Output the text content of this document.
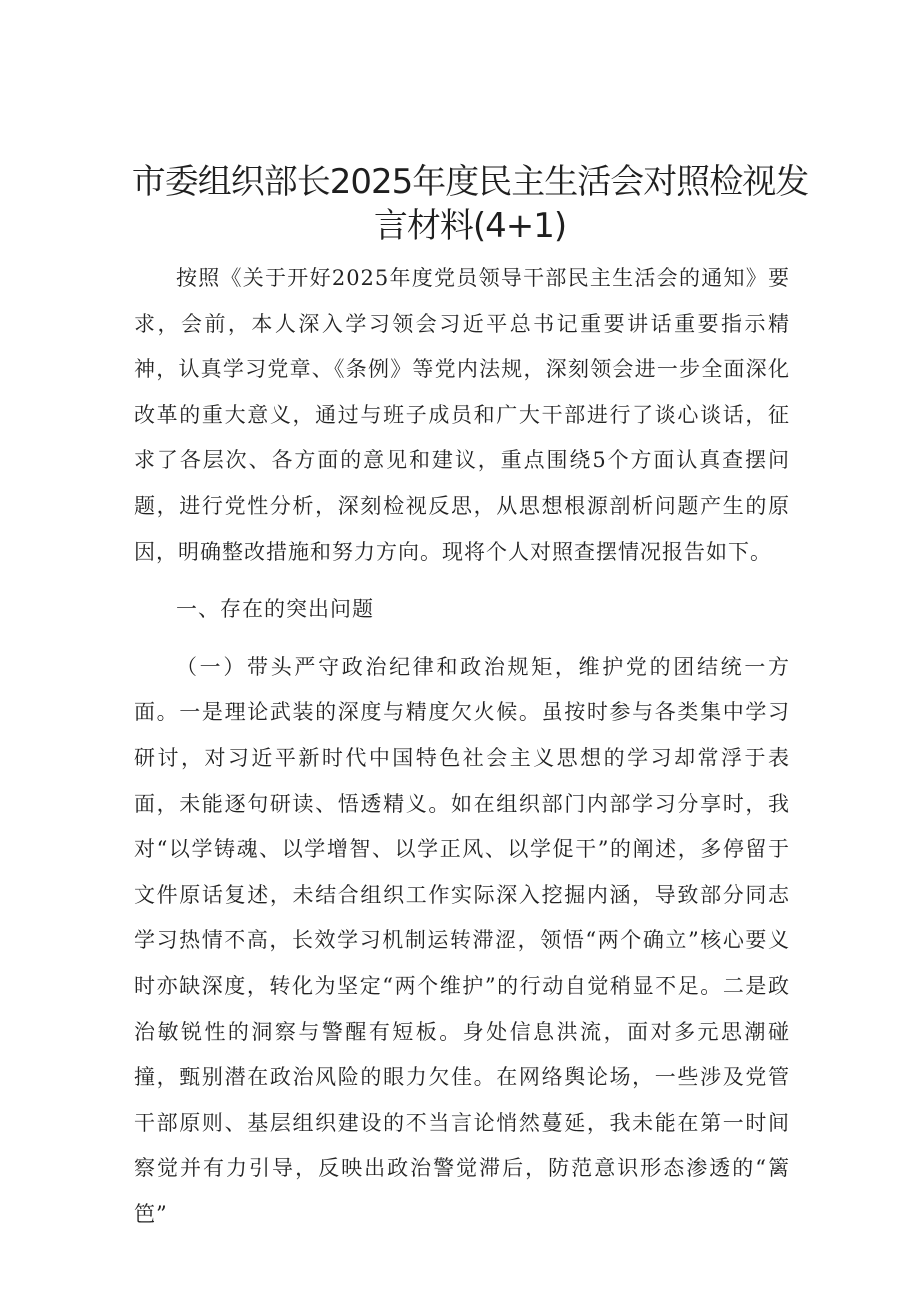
市委组织部长2025年度民主生活会对照检视发言材料(4+1)

按照《关于开好2025年度党员领导干部民主生活会的通知》要求，会前，本人深入学习领会习近平总书记重要讲话重要指示精神，认真学习党章、《条例》等党内法规，深刻领会进一步全面深化改革的重大意义，通过与班子成员和广大干部进行了谈心谈话，征求了各层次、各方面的意见和建议，重点围绕5个方面认真查摆问题，进行党性分析，深刻检视反思，从思想根源剖析问题产生的原因，明确整改措施和努力方向。现将个人对照查摆情况报告如下。

一、存在的突出问题

（一）带头严守政治纪律和政治规矩，维护党的团结统一方面。一是理论武装的深度与精度欠火候。虽按时参与各类集中学习研讨，对习近平新时代中国特色社会主义思想的学习却常浮于表面，未能逐句研读、悟透精义。如在组织部门内部学习分享时，我对“以学铸魂、以学增智、以学正风、以学促干”的阐述，多停留于文件原话复述，未结合组织工作实际深入挖掘内涵，导致部分同志学习热情不高，长效学习机制运转滞涩，领悟“两个确立”核心要义时亦缺深度，转化为坚定“两个维护”的行动自觉稍显不足。二是政治敏锐性的洞察与警醒有短板。身处信息洪流，面对多元思潮碰撞，甄别潜在政治风险的眼力欠佳。在网络舆论场，一些涉及党管干部原则、基层组织建设的不当言论悄然蔓延，我未能在第一时间察觉并有力引导，反映出政治警觉滞后，防范意识形态渗透的“篱笆”
